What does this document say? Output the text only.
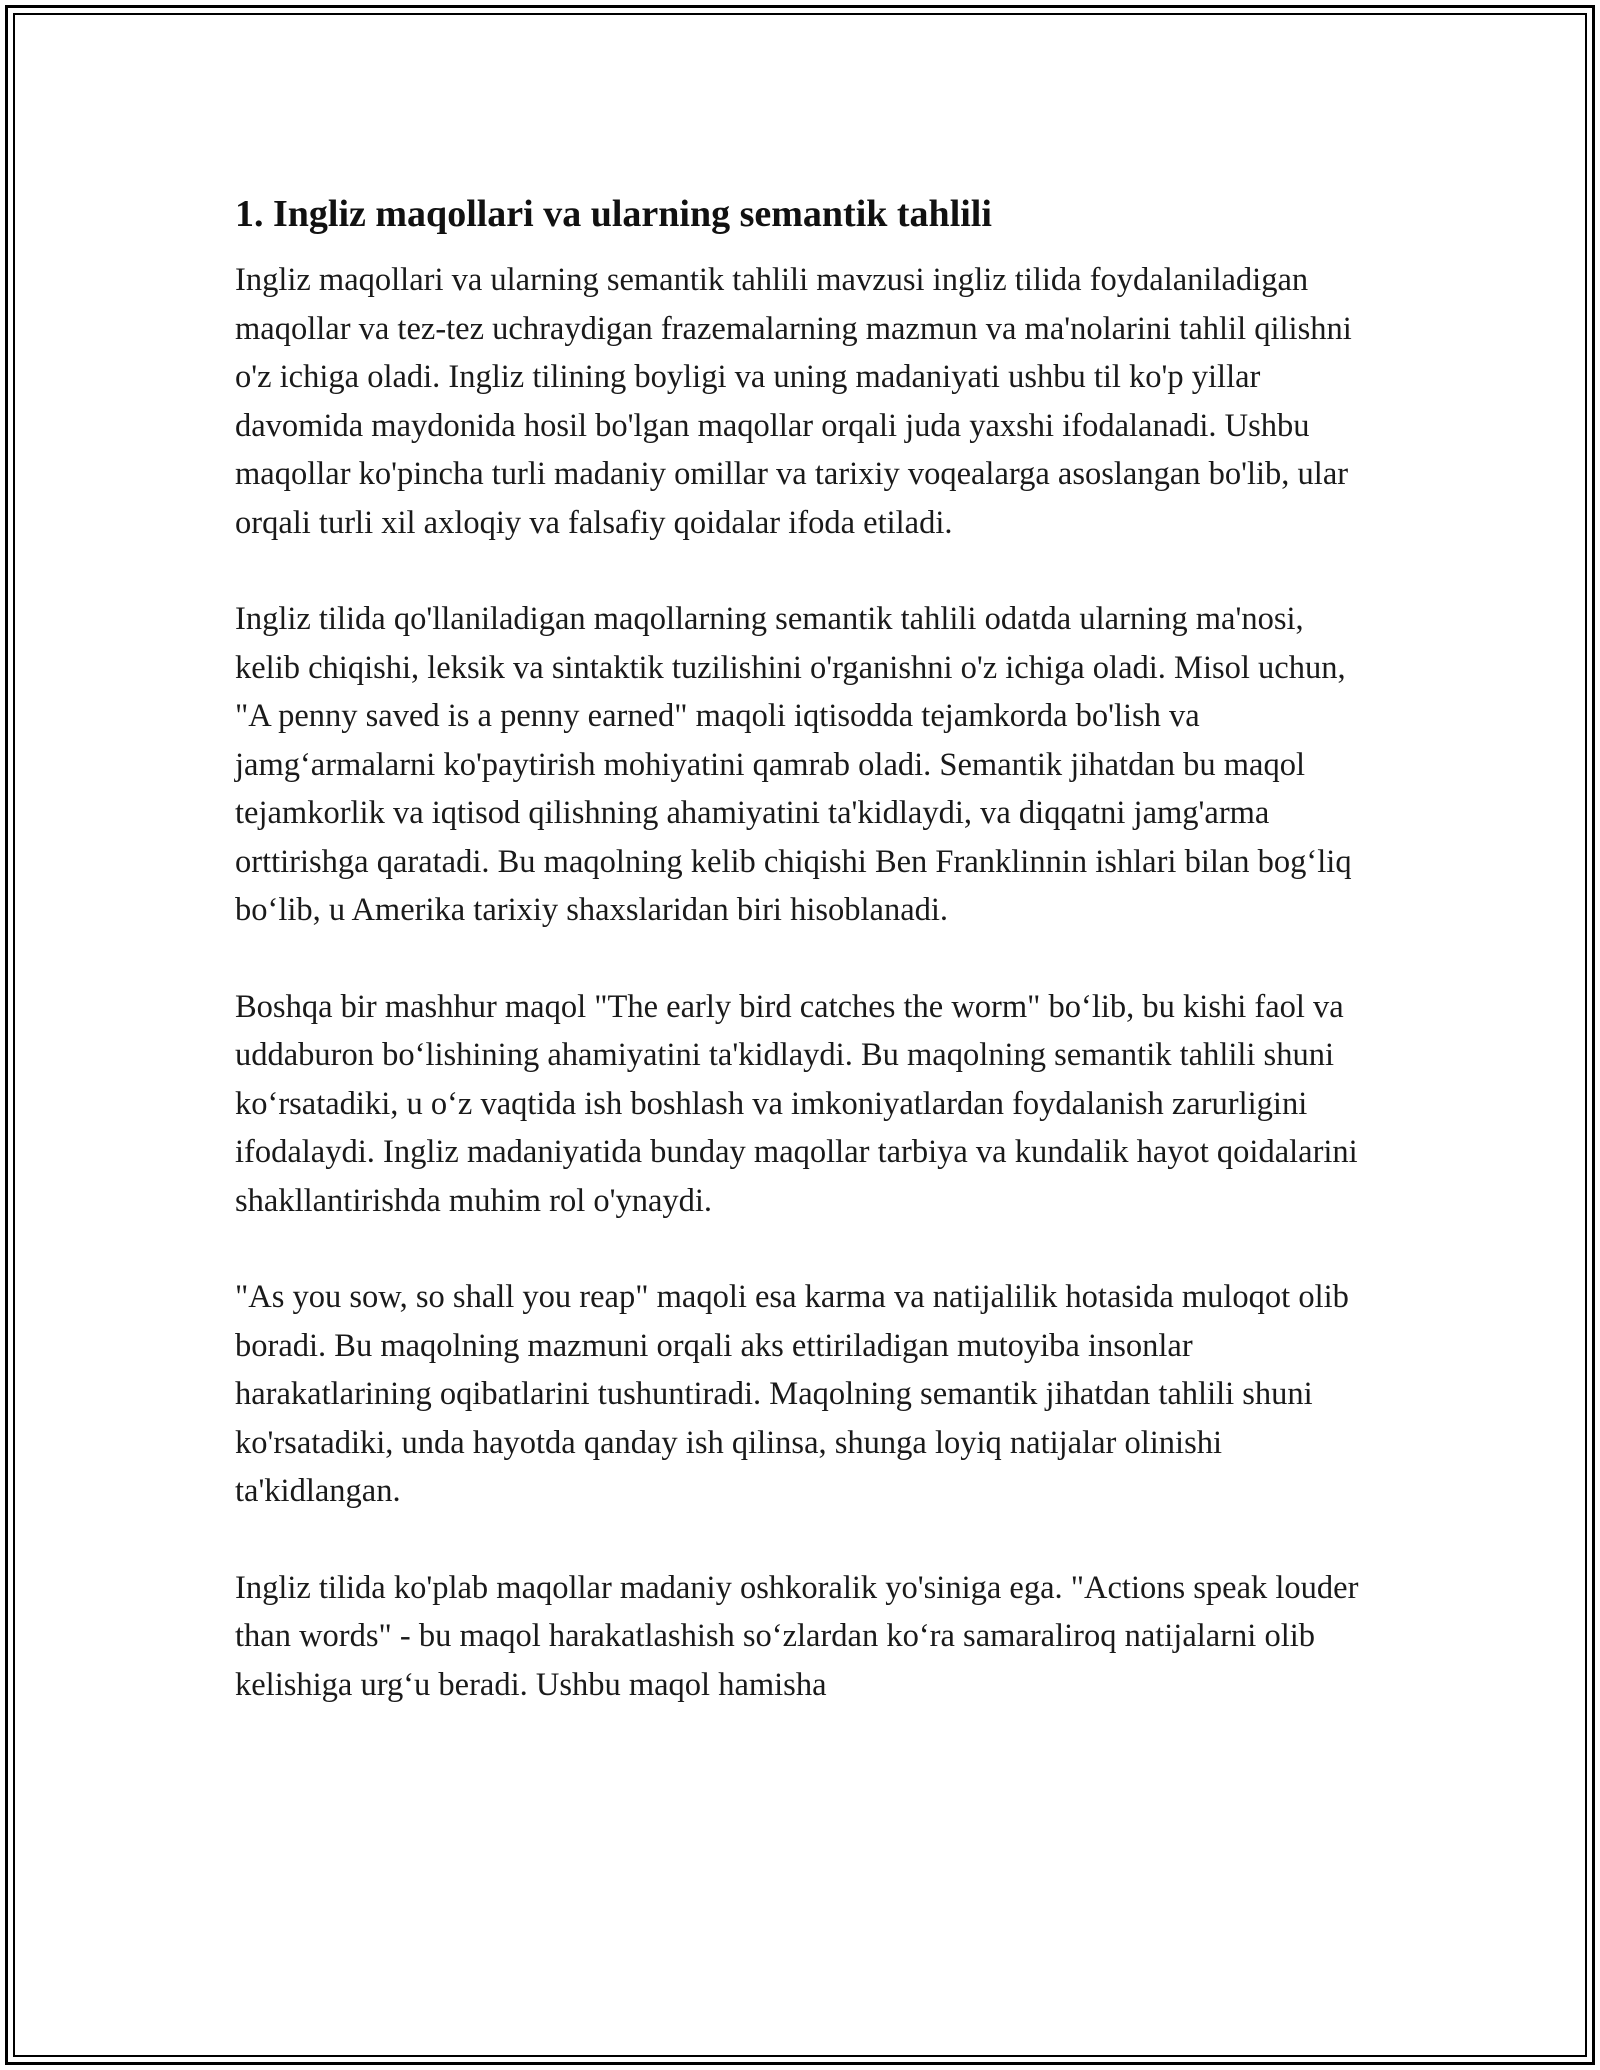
1. Ingliz maqollari va ularning semantik tahlili

Ingliz maqollari va ularning semantik tahlili mavzusi ingliz tilida foydalaniladigan maqollar va tez-tez uchraydigan frazemalarning mazmun va ma'nolarini tahlil qilishni o'z ichiga oladi. Ingliz tilining boyligi va uning madaniyati ushbu til ko'p yillar davomida maydonida hosil bo'lgan maqollar orqali juda yaxshi ifodalanadi. Ushbu maqollar ko'pincha turli madaniy omillar va tarixiy voqealarga asoslangan bo'lib, ular orqali turli xil axloqiy va falsafiy qoidalar ifoda etiladi.

Ingliz tilida qo'llaniladigan maqollarning semantik tahlili odatda ularning ma'nosi, kelib chiqishi, leksik va sintaktik tuzilishini o'rganishni o'z ichiga oladi. Misol uchun, "A penny saved is a penny earned" maqoli iqtisodda tejamkorda bo'lish va jamg‘armalarni ko'paytirish mohiyatini qamrab oladi. Semantik jihatdan bu maqol tejamkorlik va iqtisod qilishning ahamiyatini ta'kidlaydi, va diqqatni jamg'arma orttirishga qaratadi. Bu maqolning kelib chiqishi Ben Franklinnin ishlari bilan bog‘liq bo‘lib, u Amerika tarixiy shaxslaridan biri hisoblanadi.

Boshqa bir mashhur maqol "The early bird catches the worm" bo‘lib, bu kishi faol va uddaburon bo‘lishining ahamiyatini ta'kidlaydi. Bu maqolning semantik tahlili shuni ko‘rsatadiki, u o‘z vaqtida ish boshlash va imkoniyatlardan foydalanish zarurligini ifodalaydi. Ingliz madaniyatida bunday maqollar tarbiya va kundalik hayot qoidalarini shakllantirishda muhim rol o'ynaydi.

"As you sow, so shall you reap" maqoli esa karma va natijalilik hotasida muloqot olib boradi. Bu maqolning mazmuni orqali aks ettiriladigan mutoyiba insonlar harakatlarining oqibatlarini tushuntiradi. Maqolning semantik jihatdan tahlili shuni ko'rsatadiki, unda hayotda qanday ish qilinsa, shunga loyiq natijalar olinishi ta'kidlangan.

Ingliz tilida ko'plab maqollar madaniy oshkoralik yo'siniga ega. "Actions speak louder than words" - bu maqol harakatlashish so‘zlardan ko‘ra samaraliroq natijalarni olib kelishiga urg‘u beradi. Ushbu maqol hamisha
